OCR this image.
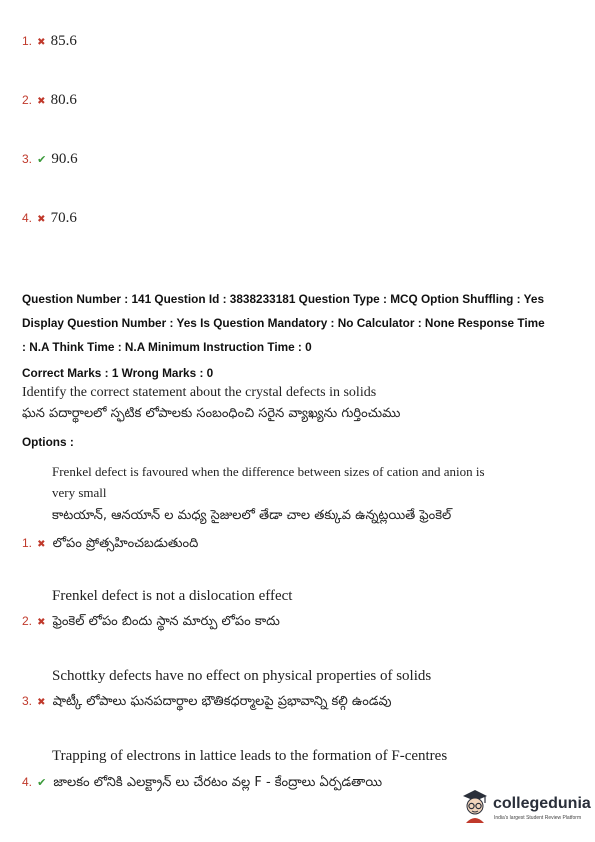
1. ✖ 85.6
2. ✖ 80.6
3. ✔ 90.6
4. ✖ 70.6
Question Number : 141 Question Id : 3838233181 Question Type : MCQ Option Shuffling : Yes
Display Question Number : Yes Is Question Mandatory : No Calculator : None Response Time
: N.A Think Time : N.A Minimum Instruction Time : 0
Correct Marks : 1 Wrong Marks : 0
Identify the correct statement about the crystal defects in solids
ఘన పదార్థాలలో స్ఫటిక లోపాలకు సంబంధించి సరైన వ్యాఖ్యను గుర్తించుము
Options :
Frenkel defect is favoured when the difference between sizes of cation and anion is
very small
కాటయాన్, ఆనయాన్ ల మధ్య సైజులలో తేడా చాల తక్కువ ఉన్నట్లయితే ఫ్రెంకెల్
1. ✖ లోపం ప్రోత్సహించబడుతుంది
Frenkel defect is not a dislocation effect
2. ✖ ఫ్రెంకెల్ లోపం బిందు స్థాన మార్పు లోపం కాదు
Schottky defects have no effect on physical properties of solids
3. ✖ షాట్కీ లోపాలు ఘనపదార్థాల భౌతికధర్మాలపై ప్రభావాన్ని కల్గి ఉండవు
Trapping of electrons in lattice leads to the formation of F-centres
4. ✔ జాలకం లోనికి ఎలక్ట్రాన్ లు చేరటం వల్ల F - కేంద్రాలు ఏర్పడతాయి
collegedunia
India's largest Student Review Platform
